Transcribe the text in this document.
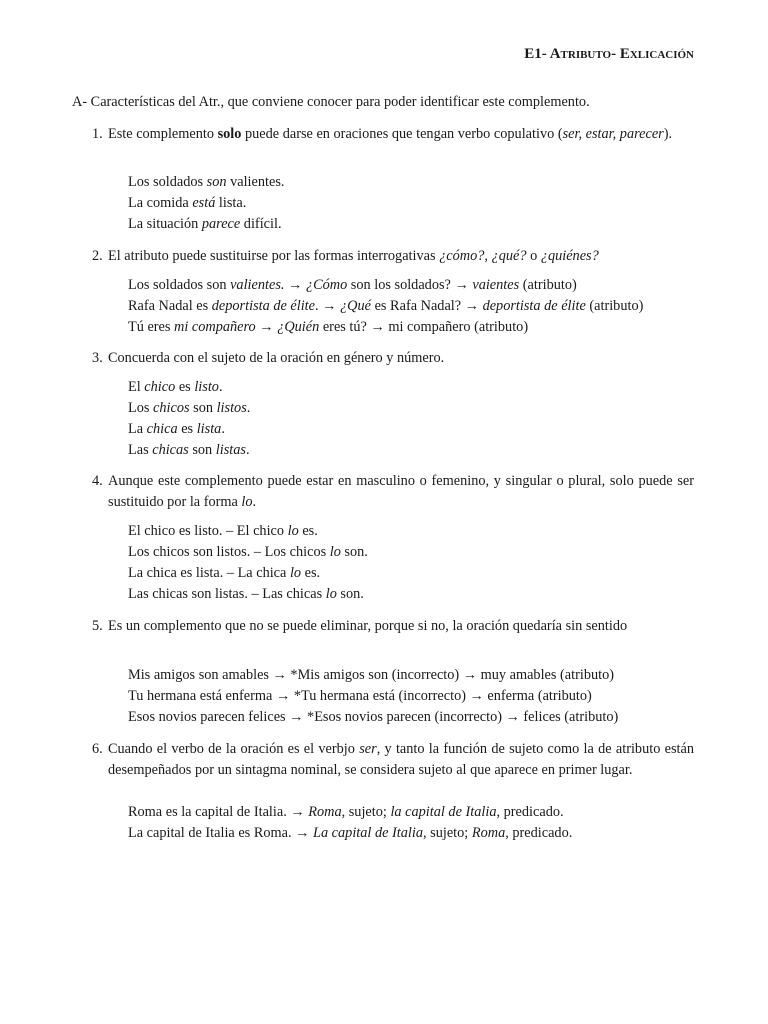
E1- Atributo- Exlicación
A- Características del Atr., que conviene conocer para poder identificar este complemento.
1. Este complemento solo puede darse en oraciones que tengan verbo copulativo (ser, estar, parecer).
Los soldados son valientes.
La comida está lista.
La situación parece difícil.
2. El atributo puede sustituirse por las formas interrogativas ¿cómo?, ¿qué? o ¿quiénes?
Los soldados son valientes. → ¿Cómo son los soldados? → vaientes (atributo)
Rafa Nadal es deportista de élite. → ¿Qué es Rafa Nadal? → deportista de élite (atributo)
Tú eres mi compañero → ¿Quién eres tú? → mi compañero (atributo)
3. Concuerda con el sujeto de la oración en género y número.
El chico es listo.
Los chicos son listos.
La chica es lista.
Las chicas son listas.
4. Aunque este complemento puede estar en masculino o femenino, y singular o plural, solo puede ser sustituido por la forma lo.
El chico es listo. – El chico lo es.
Los chicos son listos. – Los chicos lo son.
La chica es lista. – La chica lo es.
Las chicas son listas. – Las chicas lo son.
5. Es un complemento que no se puede eliminar, porque si no, la oración quedaría sin sentido
Mis amigos son amables → *Mis amigos son (incorrecto) → muy amables (atributo)
Tu hermana está enferma → *Tu hermana está (incorrecto) → enferma (atributo)
Esos novios parecen felices → *Esos novios parecen (incorrecto) → felices (atributo)
6. Cuando el verbo de la oración es el verbjo ser, y tanto la función de sujeto como la de atributo están desempeñados por un sintagma nominal, se considera sujeto al que aparece en primer lugar.
Roma es la capital de Italia. → Roma, sujeto; la capital de Italia, predicado.
La capital de Italia es Roma. → La capital de Italia, sujeto; Roma, predicado.
